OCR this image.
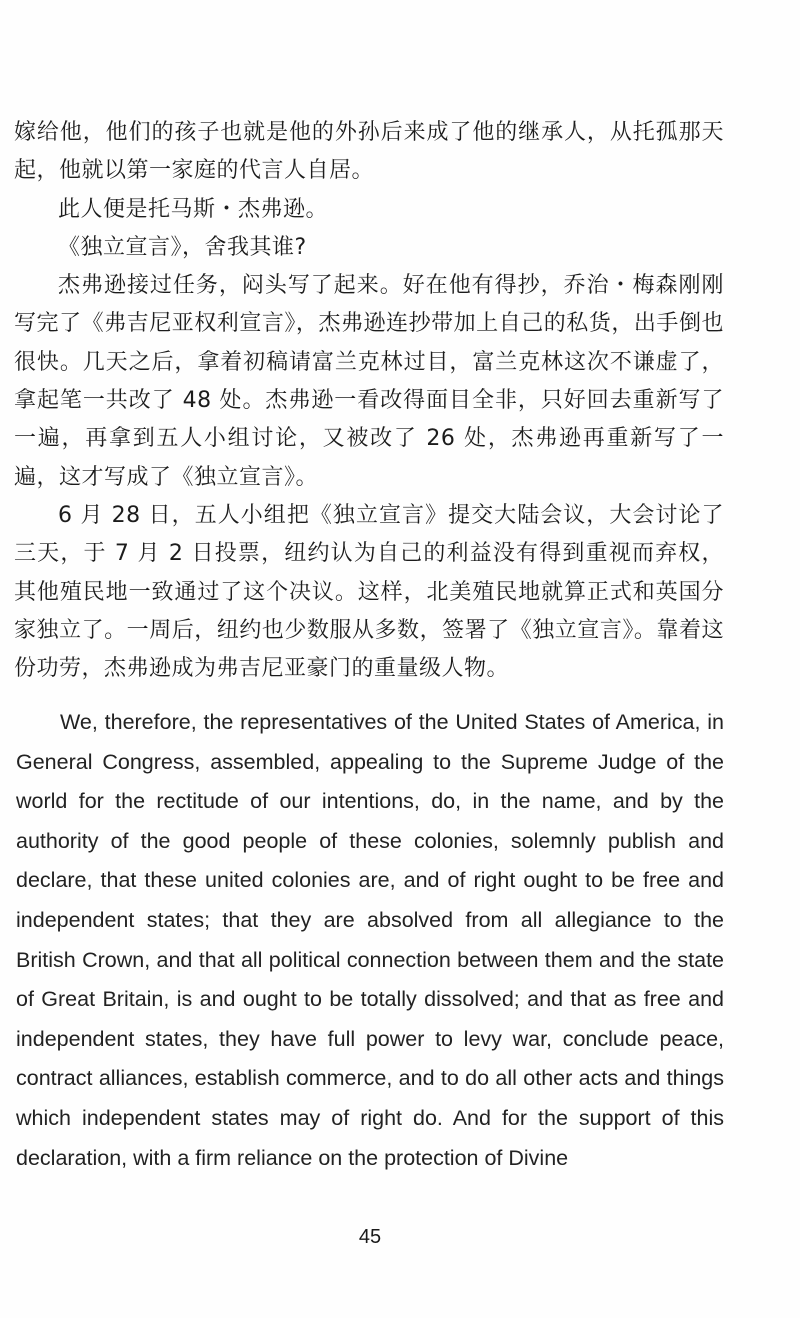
嫁给他，他们的孩子也就是他的外孙后来成了他的继承人，从托孤那天起，他就以第一家庭的代言人自居。

此人便是托马斯・杰弗逊。

《独立宣言》，舍我其谁?

杰弗逊接过任务，闷头写了起来。好在他有得抄，乔治・梅森刚刚写完了《弗吉尼亚权利宣言》，杰弗逊连抄带加上自己的私货，出手倒也很快。几天之后，拿着初稿请富兰克林过目，富兰克林这次不谦虚了，拿起笔一共改了 48 处。杰弗逊一看改得面目全非，只好回去重新写了一遍，再拿到五人小组讨论，又被改了 26 处，杰弗逊再重新写了一遍，这才写成了《独立宣言》。

6 月 28 日，五人小组把《独立宣言》提交大陆会议，大会讨论了三天，于 7 月 2 日投票，纽约认为自己的利益没有得到重视而弃权，其他殖民地一致通过了这个决议。这样，北美殖民地就算正式和英国分家独立了。一周后，纽约也少数服从多数，签署了《独立宣言》。靠着这份功劳，杰弗逊成为弗吉尼亚豪门的重量级人物。

We, therefore, the representatives of the United States of America, in General Congress, assembled, appealing to the Supreme Judge of the world for the rectitude of our intentions, do, in the name, and by the authority of the good people of these colonies, solemnly publish and declare, that these united colonies are, and of right ought to be free and independent states; that they are absolved from all allegiance to the British Crown, and that all political connection between them and the state of Great Britain, is and ought to be totally dissolved; and that as free and independent states, they have full power to levy war, conclude peace, contract alliances, establish commerce, and to do all other acts and things which independent states may of right do. And for the support of this declaration, with a firm reliance on the protection of Divine

45
